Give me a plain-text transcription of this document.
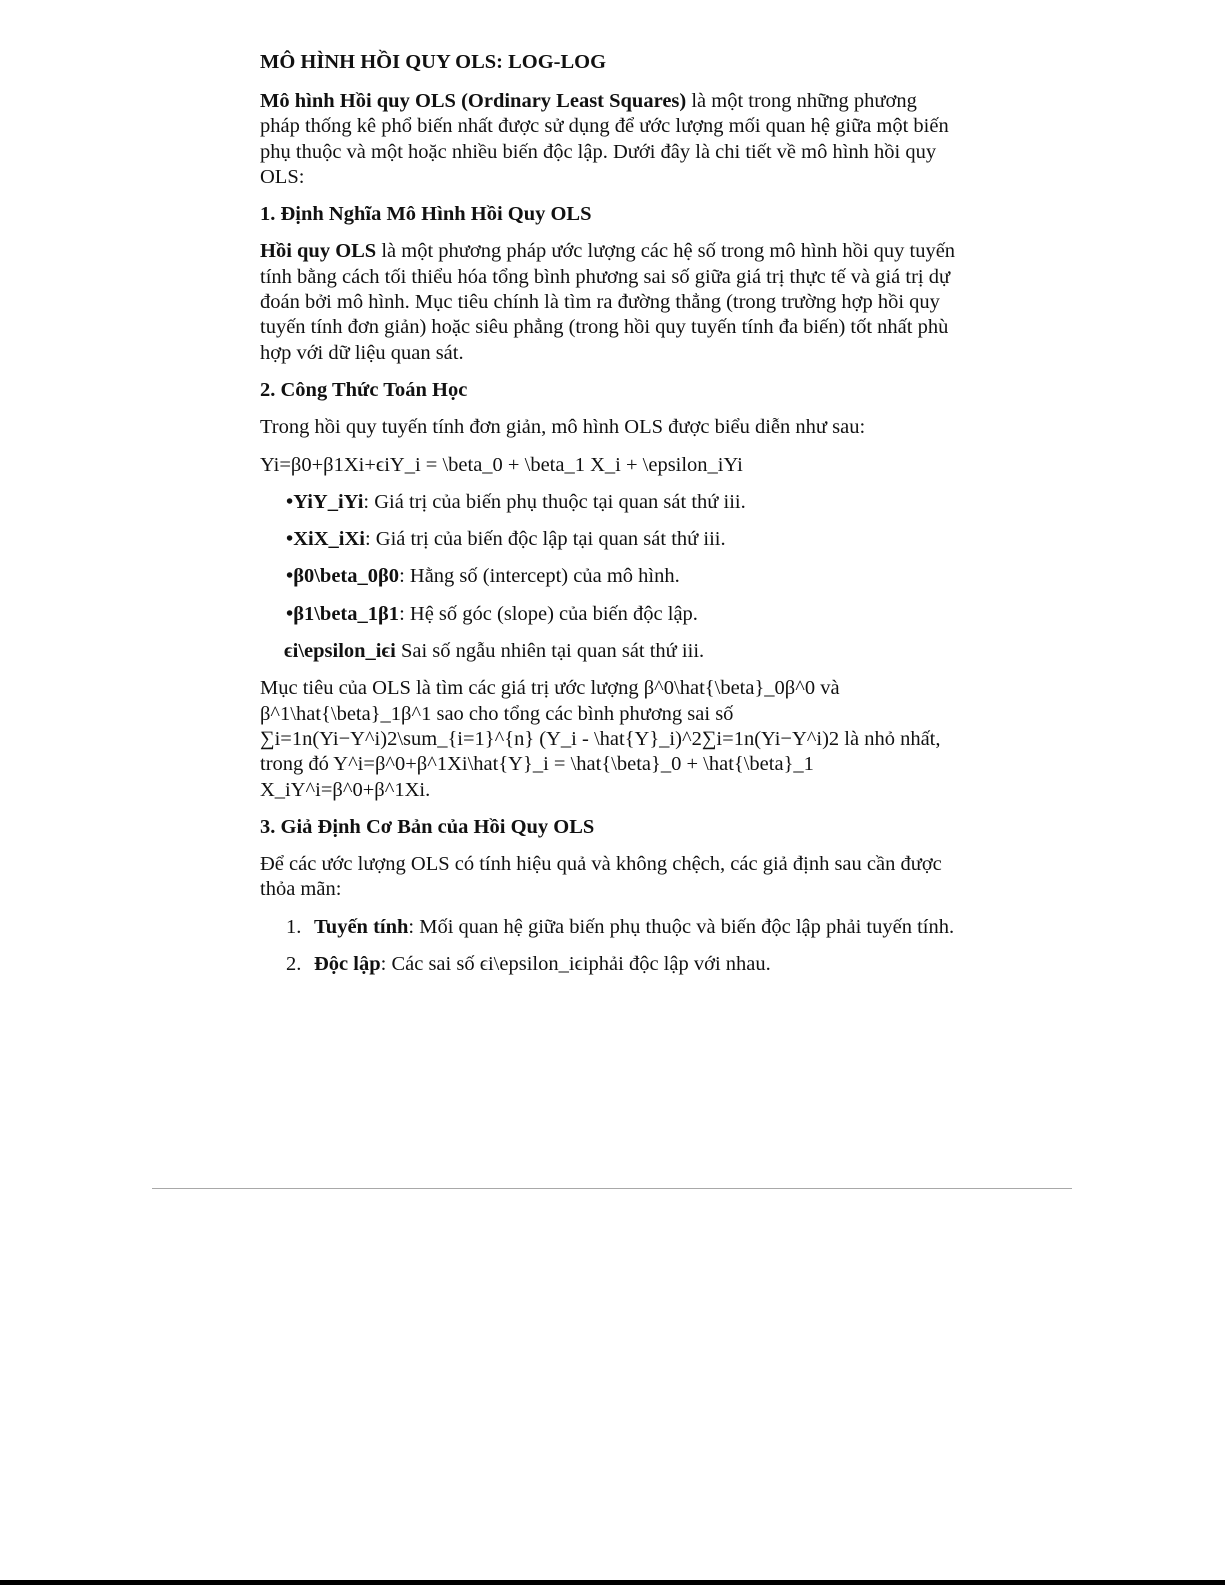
MÔ HÌNH HỒI QUY OLS: LOG-LOG

Mô hình Hồi quy OLS (Ordinary Least Squares) là một trong những phương pháp thống kê phổ biến nhất được sử dụng để ước lượng mối quan hệ giữa một biến phụ thuộc và một hoặc nhiều biến độc lập. Dưới đây là chi tiết về mô hình hồi quy OLS:

1. Định Nghĩa Mô Hình Hồi Quy OLS

Hồi quy OLS là một phương pháp ước lượng các hệ số trong mô hình hồi quy tuyến tính bằng cách tối thiểu hóa tổng bình phương sai số giữa giá trị thực tế và giá trị dự đoán bởi mô hình. Mục tiêu chính là tìm ra đường thẳng (trong trường hợp hồi quy tuyến tính đơn giản) hoặc siêu phẳng (trong hồi quy tuyến tính đa biến) tốt nhất phù hợp với dữ liệu quan sát.

2. Công Thức Toán Học

Trong hồi quy tuyến tính đơn giản, mô hình OLS được biểu diễn như sau:

Yi=β0+β1Xi+ϵiY_i = \beta_0 + \beta_1 X_i + \epsilon_iYi
•YiY_iYi: Giá trị của biến phụ thuộc tại quan sát thứ iii.
•XiX_iXi: Giá trị của biến độc lập tại quan sát thứ iii.
•β0\beta_0β0: Hằng số (intercept) của mô hình.
•β1\beta_1β1: Hệ số góc (slope) của biến độc lập.
ϵi\epsilon_iϵi Sai số ngẫu nhiên tại quan sát thứ iii.

Mục tiêu của OLS là tìm các giá trị ước lượng β^0\hat{\beta}_0β^0 và β^1\hat{\beta}_1β^1 sao cho tổng các bình phương sai số ∑i=1n(Yi−Y^i)2\sum_{i=1}^{n} (Y_i - \hat{Y}_i)^2∑i=1n(Yi−Y^i)2 là nhỏ nhất, trong đó Y^i=β^0+β^1Xi\hat{Y}_i = \hat{\beta}_0 + \hat{\beta}_1 X_iY^i=β^0+β^1Xi.

3. Giả Định Cơ Bản của Hồi Quy OLS

Để các ước lượng OLS có tính hiệu quả và không chệch, các giả định sau cần được thỏa mãn:

1. Tuyến tính: Mối quan hệ giữa biến phụ thuộc và biến độc lập phải tuyến tính.
2. Độc lập: Các sai số ϵi\epsilon_iϵiphải độc lập với nhau.
